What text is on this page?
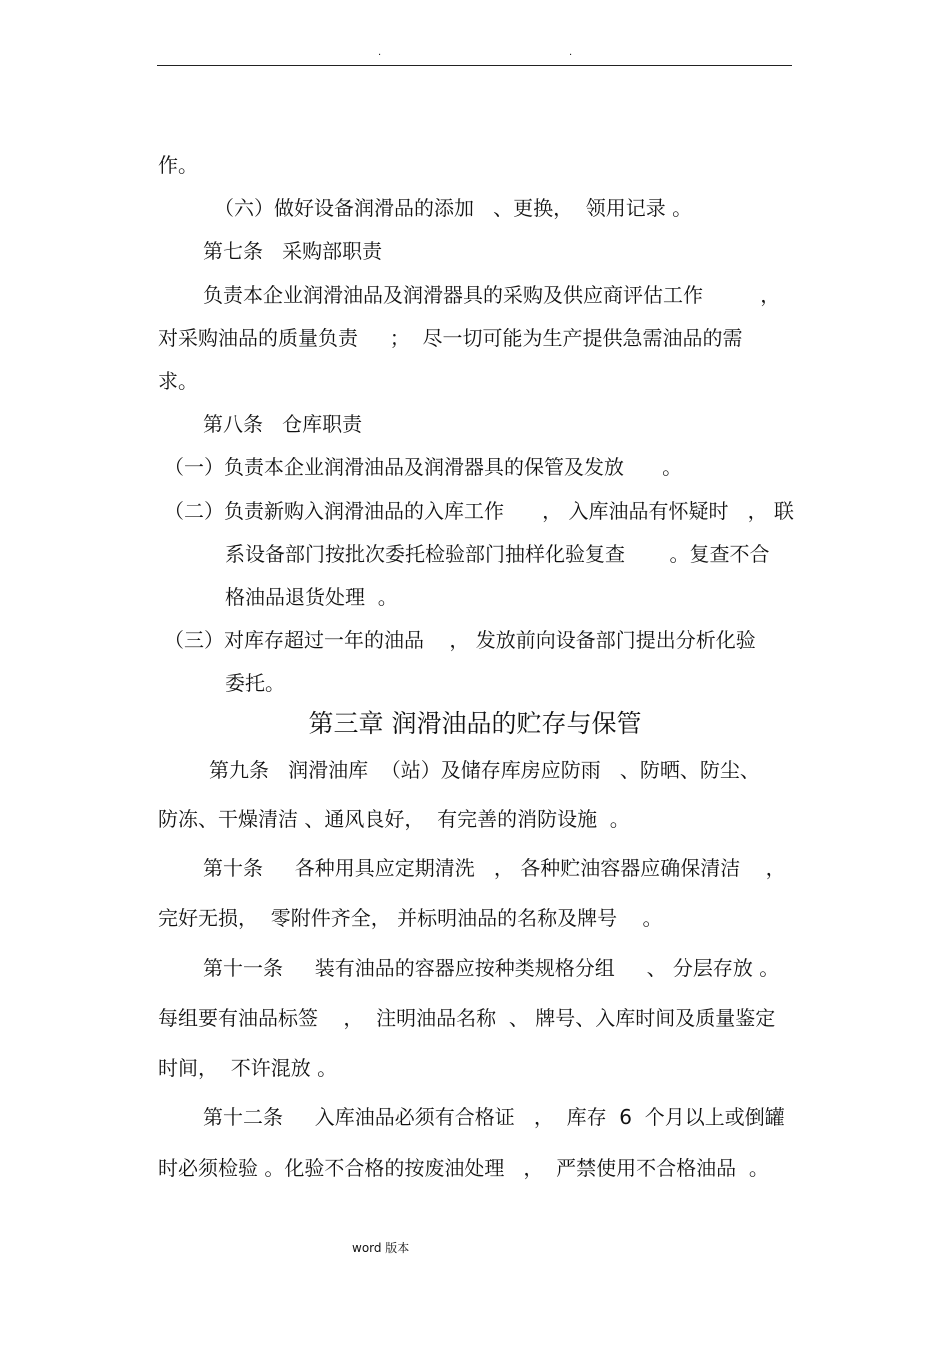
.	.
作。
（六）做好设备润滑品的添加   、更换，  领用记录 。
第七条   采购部职责
负责本企业润滑油品及润滑器具的采购及供应商评估工作         ，
对采购油品的质量负责     ；  尽一切可能为生产提供急需油品的需
求。
第八条   仓库职责
（一）负责本企业润滑油品及润滑器具的保管及发放      。
（二）负责新购入润滑油品的入库工作      ， 入库油品有怀疑时   ， 联
系设备部门按批次委托检验部门抽样化验复查       。复查不合
格油品退货处理  。
（三）对库存超过一年的油品    ， 发放前向设备部门提出分析化验
委托。
第三章 润滑油品的贮存与保管
第九条   润滑油库  （站）及储存库房应防雨   、防晒、防尘、
防冻、干燥清洁 、通风良好，  有完善的消防设施  。
第十条     各种用具应定期清洗   ， 各种贮油容器应确保清洁    ，
完好无损，  零附件齐全， 并标明油品的名称及牌号    。
第十一条     装有油品的容器应按种类规格分组     、 分层存放 。
每组要有油品标签    ，  注明油品名称  、 牌号、入库时间及质量鉴定
时间，  不许混放 。
第十二条     入库油品必须有合格证   ，  库存  6  个月以上或倒罐
时必须检验 。化验不合格的按废油处理   ，  严禁使用不合格油品  。
word 版本
